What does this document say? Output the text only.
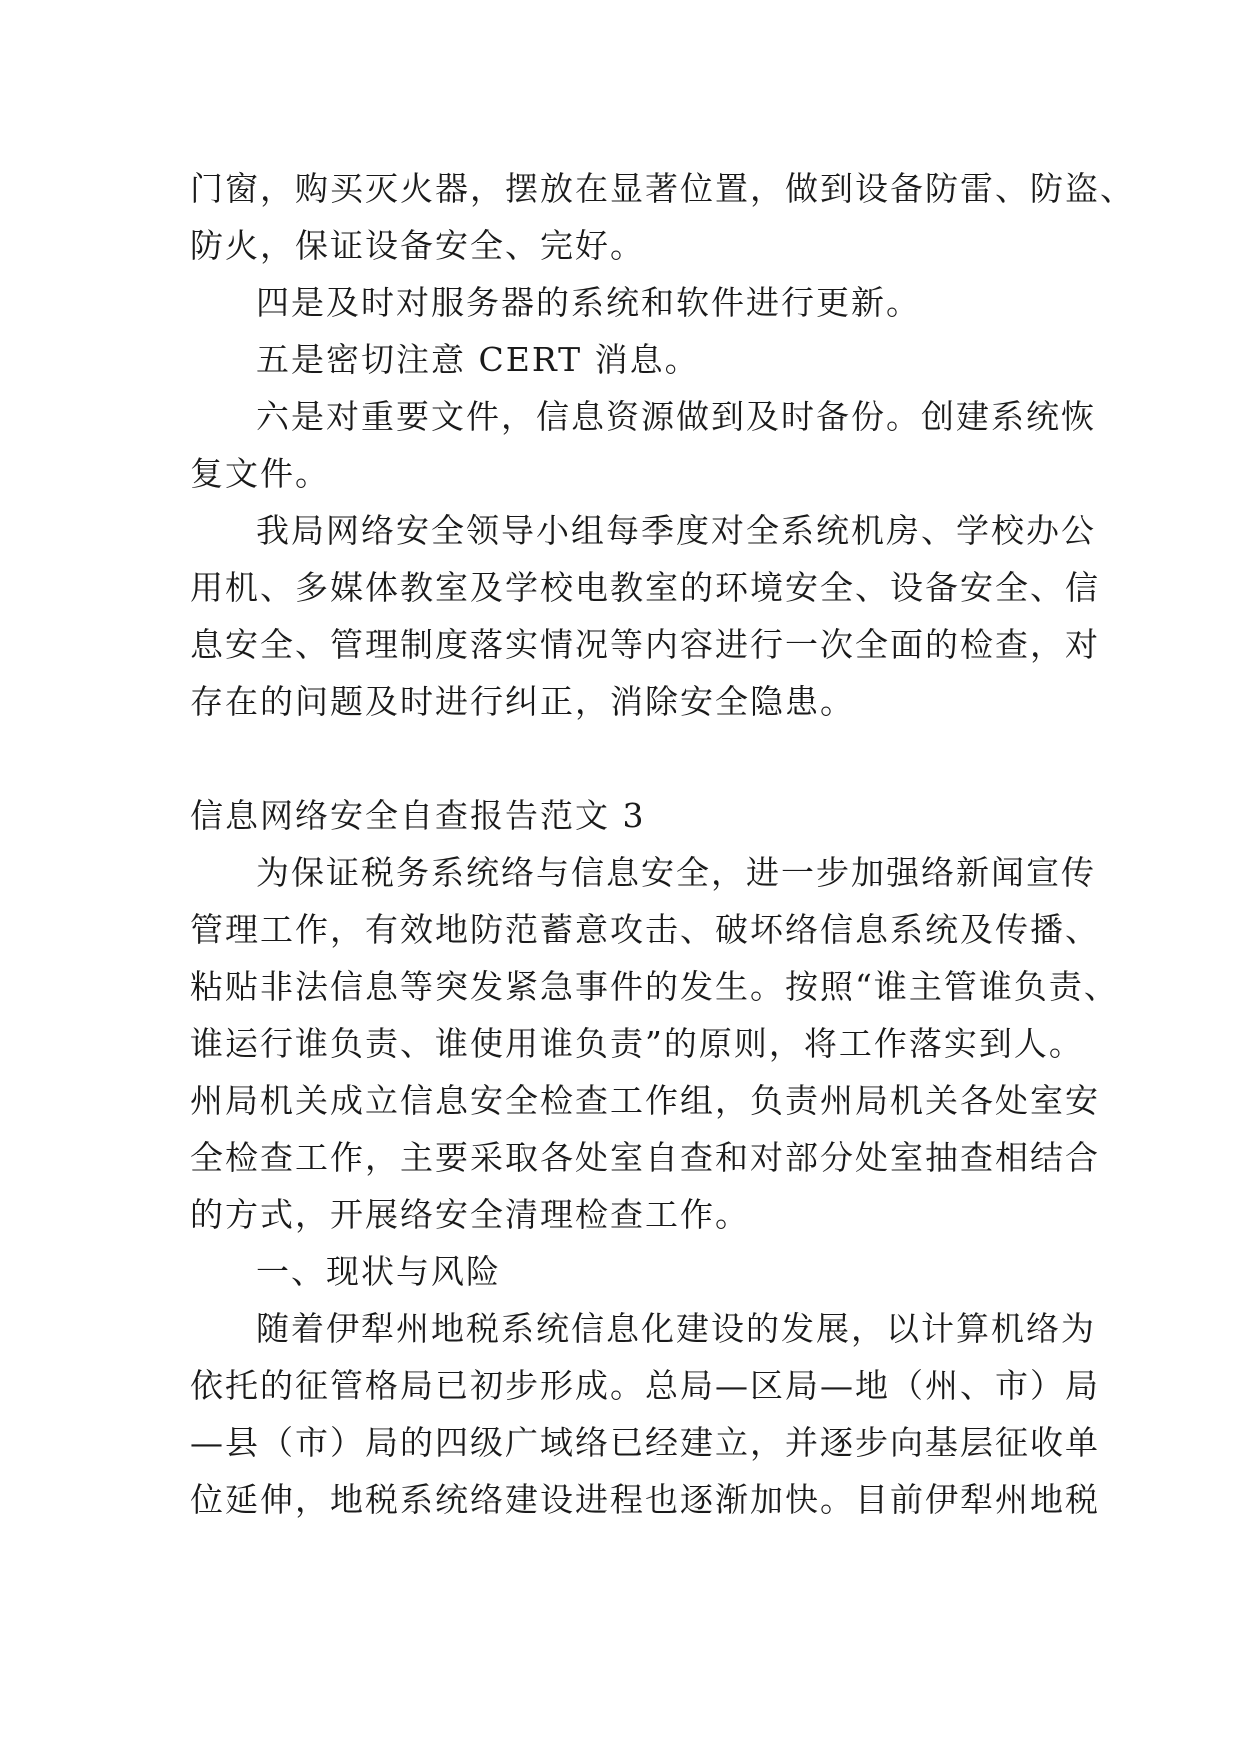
门窗，购买灭火器，摆放在显著位置，做到设备防雷、防盗、
防火，保证设备安全、完好。
四是及时对服务器的系统和软件进行更新。
五是密切注意 CERT 消息。
六是对重要文件，信息资源做到及时备份。创建系统恢
复文件。
我局网络安全领导小组每季度对全系统机房、学校办公
用机、多媒体教室及学校电教室的环境安全、设备安全、信
息安全、管理制度落实情况等内容进行一次全面的检查，对
存在的问题及时进行纠正，消除安全隐患。
信息网络安全自查报告范文 3
为保证税务系统络与信息安全，进一步加强络新闻宣传
管理工作，有效地防范蓄意攻击、破坏络信息系统及传播、
粘贴非法信息等突发紧急事件的发生。按照“谁主管谁负责、
谁运行谁负责、谁使用谁负责”的原则，将工作落实到人。
州局机关成立信息安全检查工作组，负责州局机关各处室安
全检查工作，主要采取各处室自查和对部分处室抽查相结合
的方式，开展络安全清理检查工作。
一、现状与风险
随着伊犁州地税系统信息化建设的发展，以计算机络为
依托的征管格局已初步形成。总局—区局—地（州、市）局
—县（市）局的四级广域络已经建立，并逐步向基层征收单
位延伸，地税系统络建设进程也逐渐加快。目前伊犁州地税
